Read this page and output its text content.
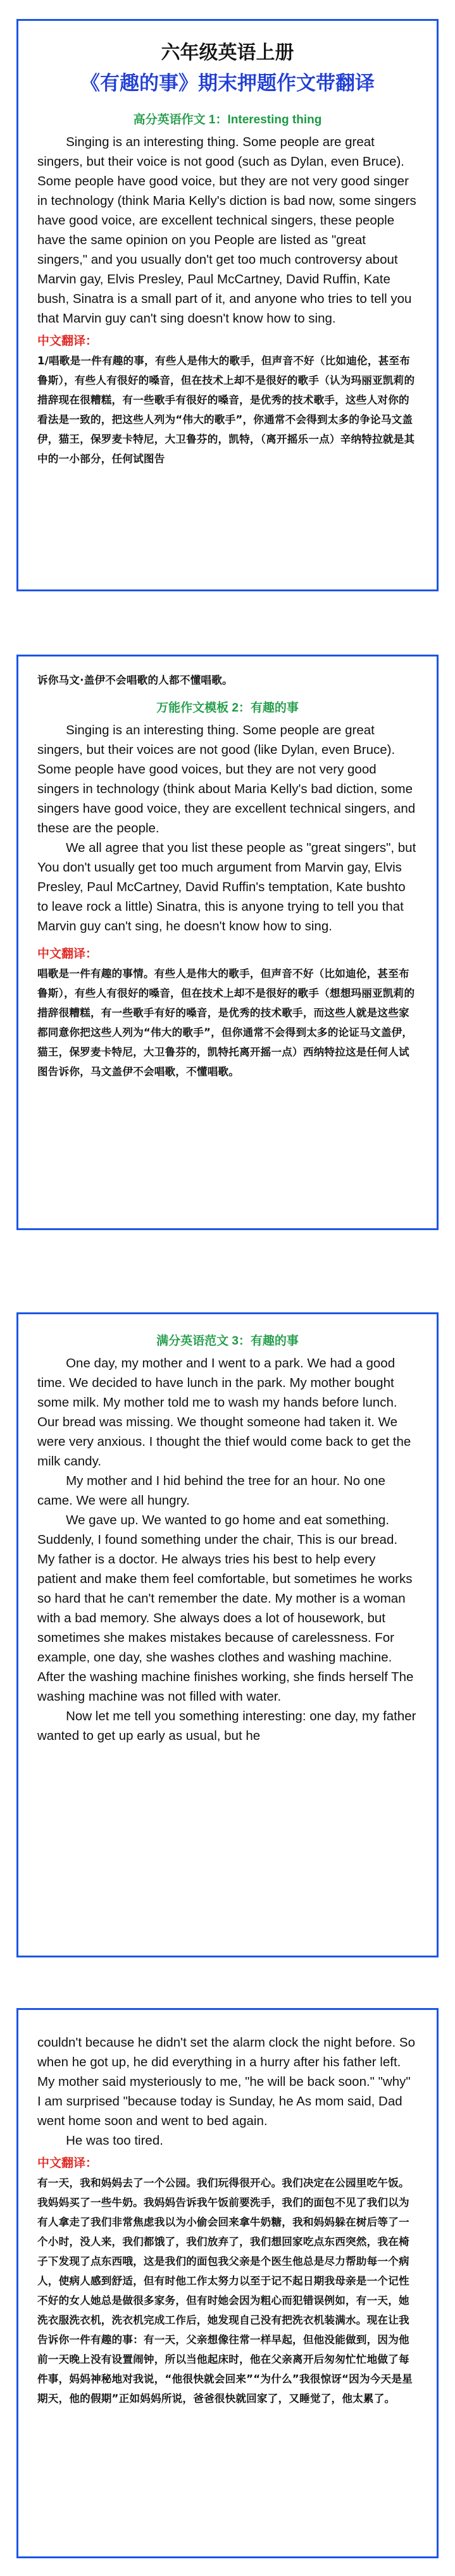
六年级英语上册
《有趣的事》期末押题作文带翻译
高分英语作文 1：Interesting thing

Singing is an interesting thing. Some people are great singers, but their voice is not good (such as Dylan, even Bruce). Some people have good voice, but they are not very good singer in technology (think Maria Kelly's diction is bad now, some singers have good voice, are excellent technical singers, these people have the same opinion on you People are listed as "great singers," and you usually don't get too much controversy about Marvin gay, Elvis Presley, Paul McCartney, David Ruffin, Kate bush, Sinatra is a small part of it, and anyone who tries to tell you that Marvin guy can't sing doesn't know how to sing.

中文翻译：

1/唱歌是一件有趣的事，有些人是伟大的歌手，但声音不好（比如迪伦，甚至布鲁斯），有些人有很好的嗓音，但在技术上却不是很好的歌手（认为玛丽亚凯莉的措辞现在很糟糕，有一些歌手有很好的嗓音，是优秀的技术歌手，这些人对你的看法是一致的，把这些人列为“伟大的歌手”，你通常不会得到太多的争论马文盖伊，猫王，保罗麦卡特尼，大卫鲁芬的，凯特，（离开摇乐一点）辛纳特拉就是其中的一小部分，任何试图告

诉你马文·盖伊不会唱歌的人都不懂唱歌。

万能作文模板 2：有趣的事

Singing is an interesting thing. Some people are great singers, but their voices are not good (like Dylan, even Bruce). Some people have good voices, but they are not very good singers in technology (think about Maria Kelly's bad diction, some singers have good voice, they are excellent technical singers, and these are the people.

We all agree that you list these people as "great singers", but You don't usually get too much argument from Marvin gay, Elvis Presley, Paul McCartney, David Ruffin's temptation, Kate bushto to leave rock a little) Sinatra, this is anyone trying to tell you that Marvin guy can't sing, he doesn't know how to sing.

中文翻译：

唱歌是一件有趣的事情。有些人是伟大的歌手，但声音不好（比如迪伦，甚至布鲁斯），有些人有很好的嗓音，但在技术上却不是很好的歌手（想想玛丽亚凯莉的措辞很糟糕，有一些歌手有好的嗓音，是优秀的技术歌手，而这些人就是这些家都同意你把这些人列为“伟大的歌手”，但你通常不会得到太多的论证马文盖伊，猫王，保罗麦卡特尼，大卫鲁芬的，凯特托离开摇一点）西纳特拉这是任何人试图告诉你，马文盖伊不会唱歌，不懂唱歌。

满分英语范文 3：有趣的事

One day, my mother and I went to a park. We had a good time. We decided to have lunch in the park. My mother bought some milk. My mother told me to wash my hands before lunch. Our bread was missing. We thought someone had taken it. We were very anxious. I thought the thief would come back to get the milk candy.

My mother and I hid behind the tree for an hour. No one came. We were all hungry.

We gave up. We wanted to go home and eat something. Suddenly, I found something under the chair, This is our bread.

My father is a doctor. He always tries his best to help every patient and make them feel comfortable, but sometimes he works so hard that he can't remember the date. My mother is a woman with a bad memory. She always does a lot of housework, but sometimes she makes mistakes because of carelessness. For example, one day, she washes clothes and washing machine. After the washing machine finishes working, she finds herself The washing machine was not filled with water.

Now let me tell you something interesting: one day, my father wanted to get up early as usual, but he

couldn't because he didn't set the alarm clock the night before. So when he got up, he did everything in a hurry after his father left. My mother said mysteriously to me, "he will be back soon." "why" I am surprised "because today is Sunday, he As mom said, Dad went home soon and went to bed again.

He was too tired.

中文翻译：

有一天，我和妈妈去了一个公园。我们玩得很开心。我们决定在公园里吃午饭。我妈妈买了一些牛奶。我妈妈告诉我午饭前要洗手，我们的面包不见了我们以为有人拿走了我们非常焦虑我以为小偷会回来拿牛奶糖，我和妈妈躲在树后等了一个小时，没人来，我们都饿了，我们放弃了，我们想回家吃点东西突然，我在椅子下发现了点东西哦，这是我们的面包我父亲是个医生他总是尽力帮助每一个病人，使病人感到舒适，但有时他工作太努力以至于记不起日期我母亲是一个记性不好的女人她总是做很多家务，但有时她会因为粗心而犯错误例如，有一天，她洗衣服洗衣机，洗衣机完成工作后，她发现自己没有把洗衣机装满水。现在让我告诉你一件有趣的事：有一天，父亲想像往常一样早起，但他没能做到，因为他前一天晚上没有设置闹钟，所以当他起床时，他在父亲离开后匆匆忙忙地做了每件事，妈妈神秘地对我说，“他很快就会回来”“为什么”我很惊讶“因为今天是星期天，他的假期”正如妈妈所说，爸爸很快就回家了，又睡觉了，他太累了。
